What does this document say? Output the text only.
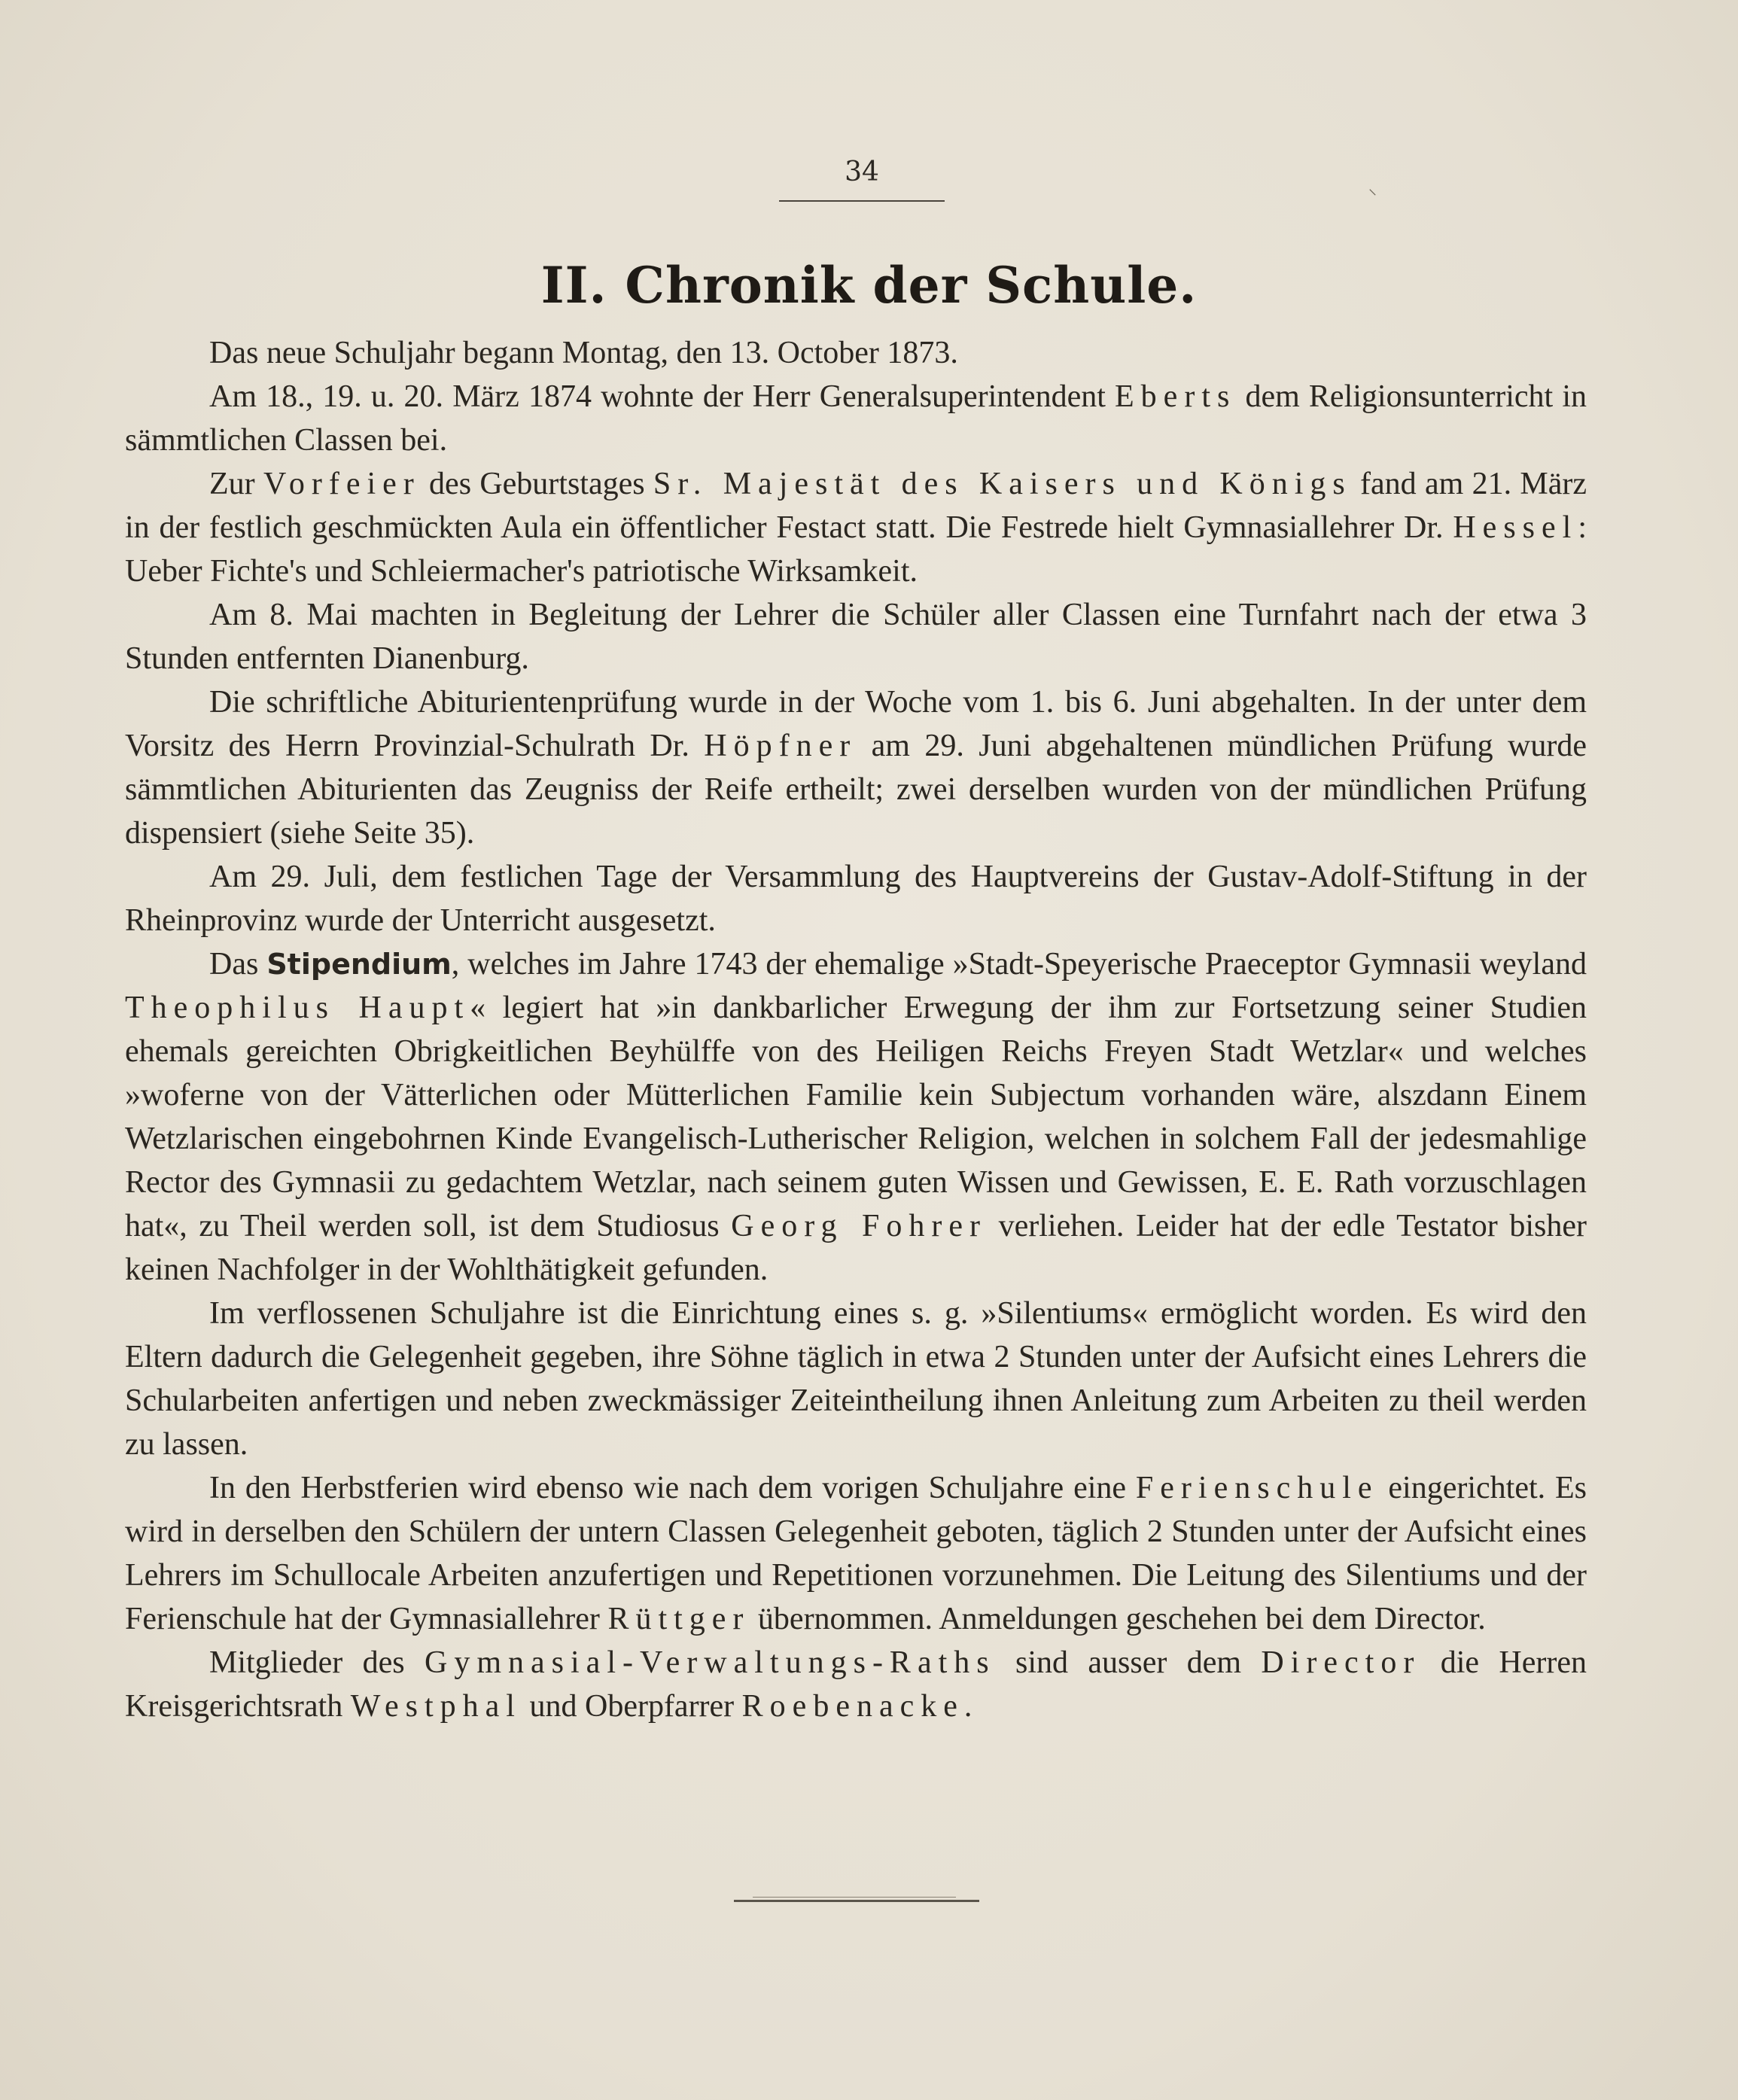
34
II. Chronik der Schule.

Das neue Schuljahr begann Montag, den 13. October 1873.

Am 18., 19. u. 20. März 1874 wohnte der Herr Generalsuperintendent Eberts dem Religionsunterricht in sämmtlichen Classen bei.

Zur Vorfeier des Geburtstages Sr. Majestät des Kaisers und Königs fand am 21. März in der festlich geschmückten Aula ein öffentlicher Festact statt. Die Festrede hielt Gymnasiallehrer Dr. Hessel: Ueber Fichte's und Schleiermacher's patriotische Wirksamkeit.

Am 8. Mai machten in Begleitung der Lehrer die Schüler aller Classen eine Turnfahrt nach der etwa 3 Stunden entfernten Dianenburg.

Die schriftliche Abiturientenprüfung wurde in der Woche vom 1. bis 6. Juni abgehalten. In der unter dem Vorsitz des Herrn Provinzial-Schulrath Dr. Höpfner am 29. Juni abgehaltenen mündlichen Prüfung wurde sämmtlichen Abiturienten das Zeugniss der Reife ertheilt; zwei derselben wurden von der mündlichen Prüfung dispensiert (siehe Seite 35).

Am 29. Juli, dem festlichen Tage der Versammlung des Hauptvereins der Gustav-Adolf-Stiftung in der Rheinprovinz wurde der Unterricht ausgesetzt.

Das Stipendium, welches im Jahre 1743 der ehemalige »Stadt-Speyerische Praeceptor Gymnasii weyland Theophilus Haupt« legiert hat »in dankbarlicher Erwegung der ihm zur Fortsetzung seiner Studien ehemals gereichten Obrigkeitlichen Beyhülffe von des Heiligen Reichs Freyen Stadt Wetzlar« und welches »woferne von der Vätterlichen oder Mütterlichen Familie kein Subjectum vorhanden wäre, alszdann Einem Wetzlarischen eingebohrnen Kinde Evangelisch-Lutherischer Religion, welchen in solchem Fall der jedesmahlige Rector des Gymnasii zu gedachtem Wetzlar, nach seinem guten Wissen und Gewissen, E. E. Rath vorzuschlagen hat«, zu Theil werden soll, ist dem Studiosus Georg Fohrer verliehen. Leider hat der edle Testator bisher keinen Nachfolger in der Wohlthätigkeit gefunden.

Im verflossenen Schuljahre ist die Einrichtung eines s. g. »Silentiums« ermöglicht worden. Es wird den Eltern dadurch die Gelegenheit gegeben, ihre Söhne täglich in etwa 2 Stunden unter der Aufsicht eines Lehrers die Schularbeiten anfertigen und neben zweckmässiger Zeiteintheilung ihnen Anleitung zum Arbeiten zu theil werden zu lassen.

In den Herbstferien wird ebenso wie nach dem vorigen Schuljahre eine Ferienschule eingerichtet. Es wird in derselben den Schülern der untern Classen Gelegenheit geboten, täglich 2 Stunden unter der Aufsicht eines Lehrers im Schullocale Arbeiten anzufertigen und Repetitionen vorzunehmen. Die Leitung des Silentiums und der Ferienschule hat der Gymnasiallehrer Rüttger übernommen. Anmeldungen geschehen bei dem Director.

Mitglieder des Gymnasial-Verwaltungs-Raths sind ausser dem Director die Herren Kreisgerichtsrath Westphal und Oberpfarrer Roebenacke.

⸌
